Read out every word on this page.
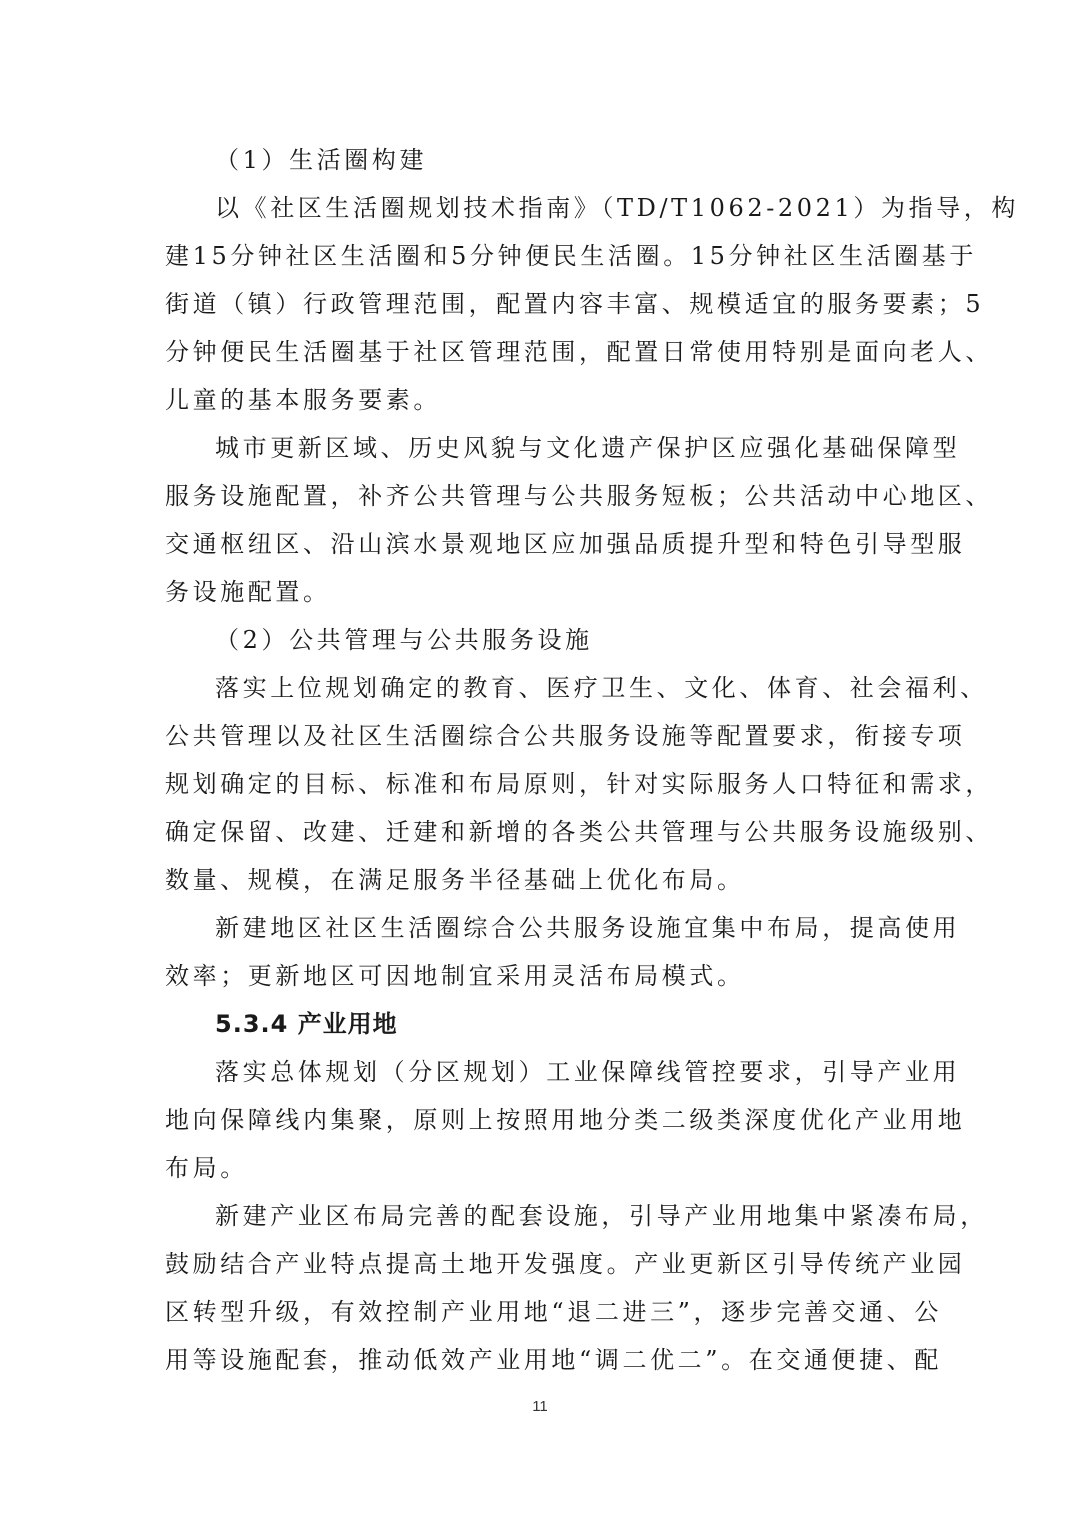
（1）生活圈构建
以《社区生活圈规划技术指南》（TD/T1062-2021）为指导，构
建15分钟社区生活圈和5分钟便民生活圈。15分钟社区生活圈基于
街道（镇）行政管理范围，配置内容丰富、规模适宜的服务要素；5
分钟便民生活圈基于社区管理范围，配置日常使用特别是面向老人、
儿童的基本服务要素。
城市更新区域、历史风貌与文化遗产保护区应强化基础保障型
服务设施配置，补齐公共管理与公共服务短板；公共活动中心地区、
交通枢纽区、沿山滨水景观地区应加强品质提升型和特色引导型服
务设施配置。
（2）公共管理与公共服务设施
落实上位规划确定的教育、医疗卫生、文化、体育、社会福利、
公共管理以及社区生活圈综合公共服务设施等配置要求，衔接专项
规划确定的目标、标准和布局原则，针对实际服务人口特征和需求，
确定保留、改建、迁建和新增的各类公共管理与公共服务设施级别、
数量、规模，在满足服务半径基础上优化布局。
新建地区社区生活圈综合公共服务设施宜集中布局，提高使用
效率；更新地区可因地制宜采用灵活布局模式。
5.3.4 产业用地
落实总体规划（分区规划）工业保障线管控要求，引导产业用
地向保障线内集聚，原则上按照用地分类二级类深度优化产业用地
布局。
新建产业区布局完善的配套设施，引导产业用地集中紧凑布局，
鼓励结合产业特点提高土地开发强度。产业更新区引导传统产业园
区转型升级，有效控制产业用地“退二进三”，逐步完善交通、公
用等设施配套，推动低效产业用地“调二优二”。在交通便捷、配
11
